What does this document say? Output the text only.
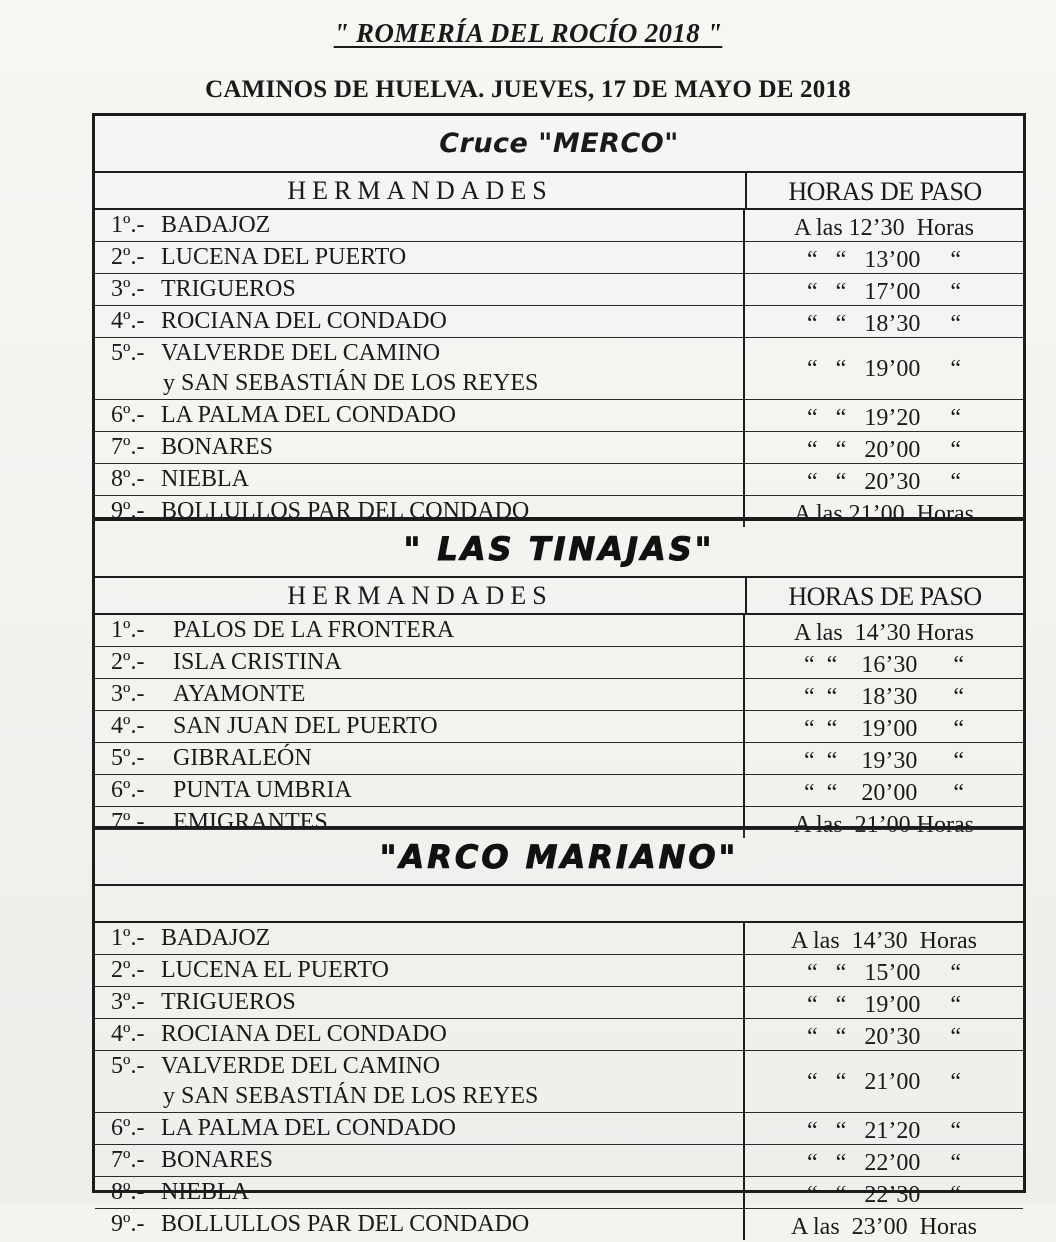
" ROMERÍA DEL ROCÍO 2018 "
CAMINOS DE HUELVA. JUEVES, 17 DE MAYO DE 2018
Cruce "MERCO"
HERMANDADES	HORAS DE PASO
1º.- BADAJOZ	A las 12’30  Horas
2º.- LUCENA DEL PUERTO	“   “   13’00     “
3º.- TRIGUEROS	“   “   17’00     “
4º.- ROCIANA DEL CONDADO	“   “   18’30     “
5º.- VALVERDE DEL CAMINO
y SAN SEBASTIÁN DE LOS REYES
“   “   19’00     “
6º.- LA PALMA DEL CONDADO	“   “   19’20     “
7º.- BONARES	“   “   20’00     “
8º.- NIEBLA	“   “   20’30     “
9º.- BOLLULLOS PAR DEL CONDADO	A las 21’00  Horas
" LAS TINAJAS"
HERMANDADES	HORAS DE PASO
1º.- PALOS DE LA FRONTERA	A las  14’30 Horas
2º.- ISLA CRISTINA	“  “    16’30      “
3º.- AYAMONTE	“  “    18’30      “
4º.- SAN JUAN DEL PUERTO	“  “    19’00      “
5º.- GIBRALEÓN	“  “    19’30      “
6º.- PUNTA UMBRIA	“  “    20’00      “
7º.- EMIGRANTES	A las  21’00 Horas
"ARCO MARIANO"
1º.- BADAJOZ	A las  14’30  Horas
2º.- LUCENA EL PUERTO	“   “   15’00     “
3º.- TRIGUEROS	“   “   19’00     “
4º.- ROCIANA DEL CONDADO	“   “   20’30     “
5º.- VALVERDE DEL CAMINO
y SAN SEBASTIÁN DE LOS REYES
“   “   21’00     “
6º.- LA PALMA DEL CONDADO	“   “   21’20     “
7º.- BONARES	“   “   22’00     “
8º.- NIEBLA	“   “   22’30     “
9º.- BOLLULLOS PAR DEL CONDADO	A las  23’00  Horas
